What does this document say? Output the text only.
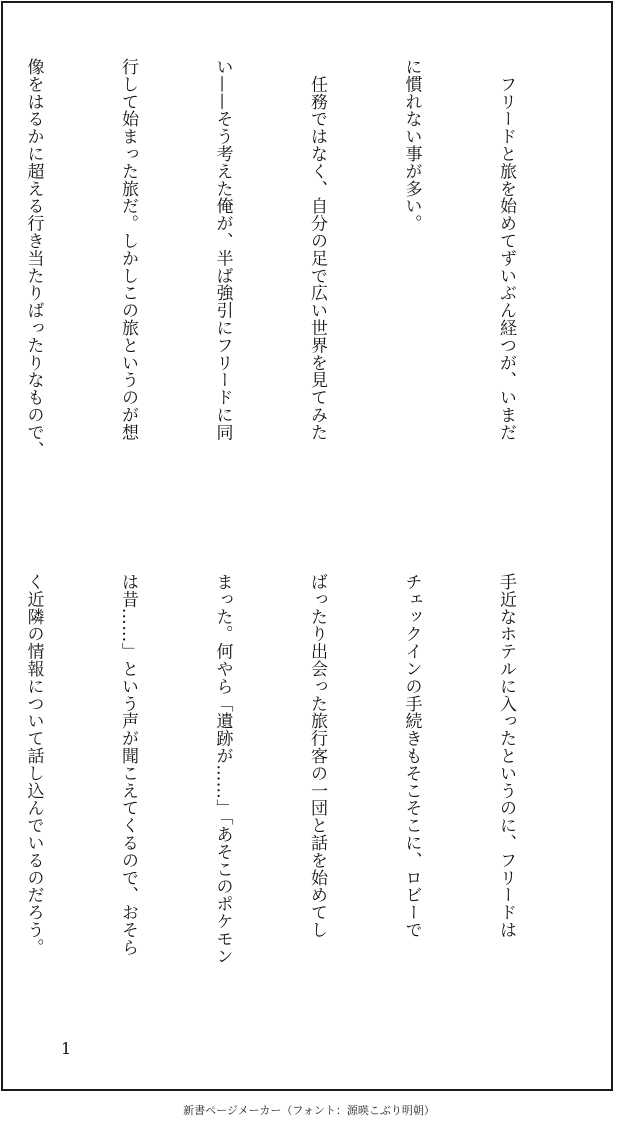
　フリードと旅を始めてずいぶん経つが、いまだ

に慣れない事が多い。

　任務ではなく、自分の足で広い世界を見てみた

い——そう考えた俺が、半ば強引にフリードに同

行して始まった旅だ。しかしこの旅というのが想

像をはるかに超える行き当たりばったりなもので、

手近なホテルに入ったというのに、フリードは

チェックインの手続きもそこそこに、ロビーで

ばったり出会った旅行客の一団と話を始めてし

まった。何やら「遺跡が……」「あそこのポケモン

は昔……」という声が聞こえてくるので、おそら

く近隣の情報について話し込んでいるのだろう。

1
新書ページメーカー（フォント：源暎こぶり明朝）
